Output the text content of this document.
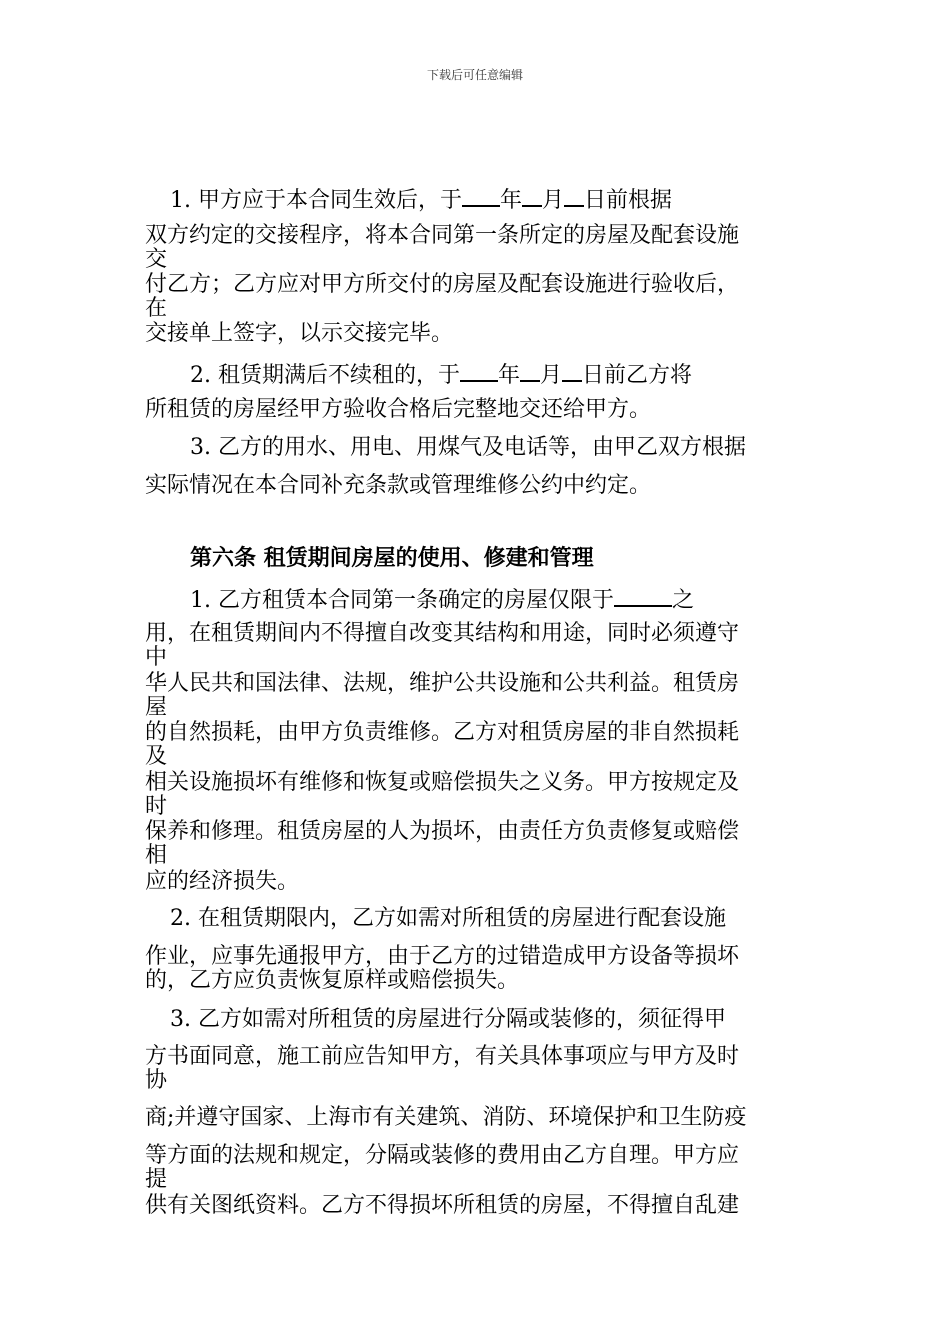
下载后可任意编辑
1. 甲方应于本合同生效后，于 年 月 日前根据
双方约定的交接程序，将本合同第一条所定的房屋及配套设施
交
付乙方；乙方应对甲方所交付的房屋及配套设施进行验收后，
在
交接单上签字，以示交接完毕。
2. 租赁期满后不续租的，于 年 月 日前乙方将
所租赁的房屋经甲方验收合格后完整地交还给甲方。
3. 乙方的用水、用电、用煤气及电话等，由甲乙双方根据
实际情况在本合同补充条款或管理维修公约中约定。
第六条 租赁期间房屋的使用、修建和管理
1. 乙方租赁本合同第一条确定的房屋仅限于	之
用，在租赁期间内不得擅自改变其结构和用途，同时必须遵守
中
华人民共和国法律、法规，维护公共设施和公共利益。租赁房
屋
的自然损耗，由甲方负责维修。乙方对租赁房屋的非自然损耗
及
相关设施损坏有维修和恢复或赔偿损失之义务。甲方按规定及
时
保养和修理。租赁房屋的人为损坏，由责任方负责修复或赔偿
相
应的经济损失。
2. 在租赁期限内，乙方如需对所租赁的房屋进行配套设施
作业，应事先通报甲方，由于乙方的过错造成甲方设备等损坏
的，乙方应负责恢复原样或赔偿损失。
3. 乙方如需对所租赁的房屋进行分隔或装修的，须征得甲
方书面同意，施工前应告知甲方，有关具体事项应与甲方及时
协
商;并遵守国家、上海市有关建筑、消防、环境保护和卫生防疫
等方面的法规和规定，分隔或装修的费用由乙方自理。甲方应
提
供有关图纸资料。乙方不得损坏所租赁的房屋，不得擅自乱建
